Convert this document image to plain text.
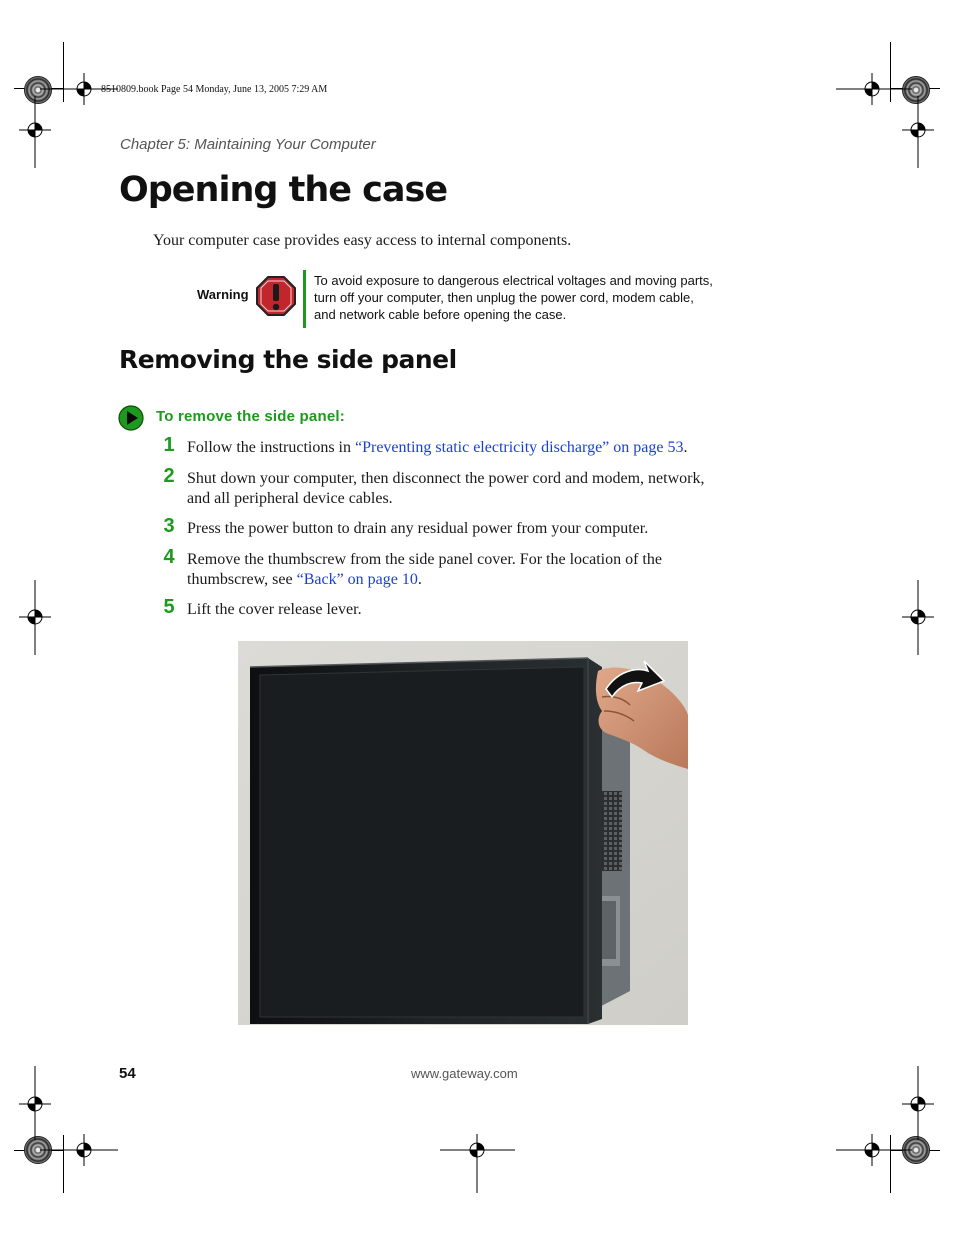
8510809.book Page 54 Monday, June 13, 2005 7:29 AM
Chapter 5: Maintaining Your Computer
Opening the case
Your computer case provides easy access to internal components.
Warning
To avoid exposure to dangerous electrical voltages and moving parts,
turn off your computer, then unplug the power cord, modem cable,
and network cable before opening the case.
Removing the side panel
To remove the side panel:
1 Follow the instructions in “Preventing static electricity discharge” on page 53.
2 Shut down your computer, then disconnect the power cord and modem, network,
and all peripheral device cables.
3 Press the power button to drain any residual power from your computer.
4 Remove the thumbscrew from the side panel cover. For the location of the
thumbscrew, see “Back” on page 10.
5 Lift the cover release lever.
54	www.gateway.com
